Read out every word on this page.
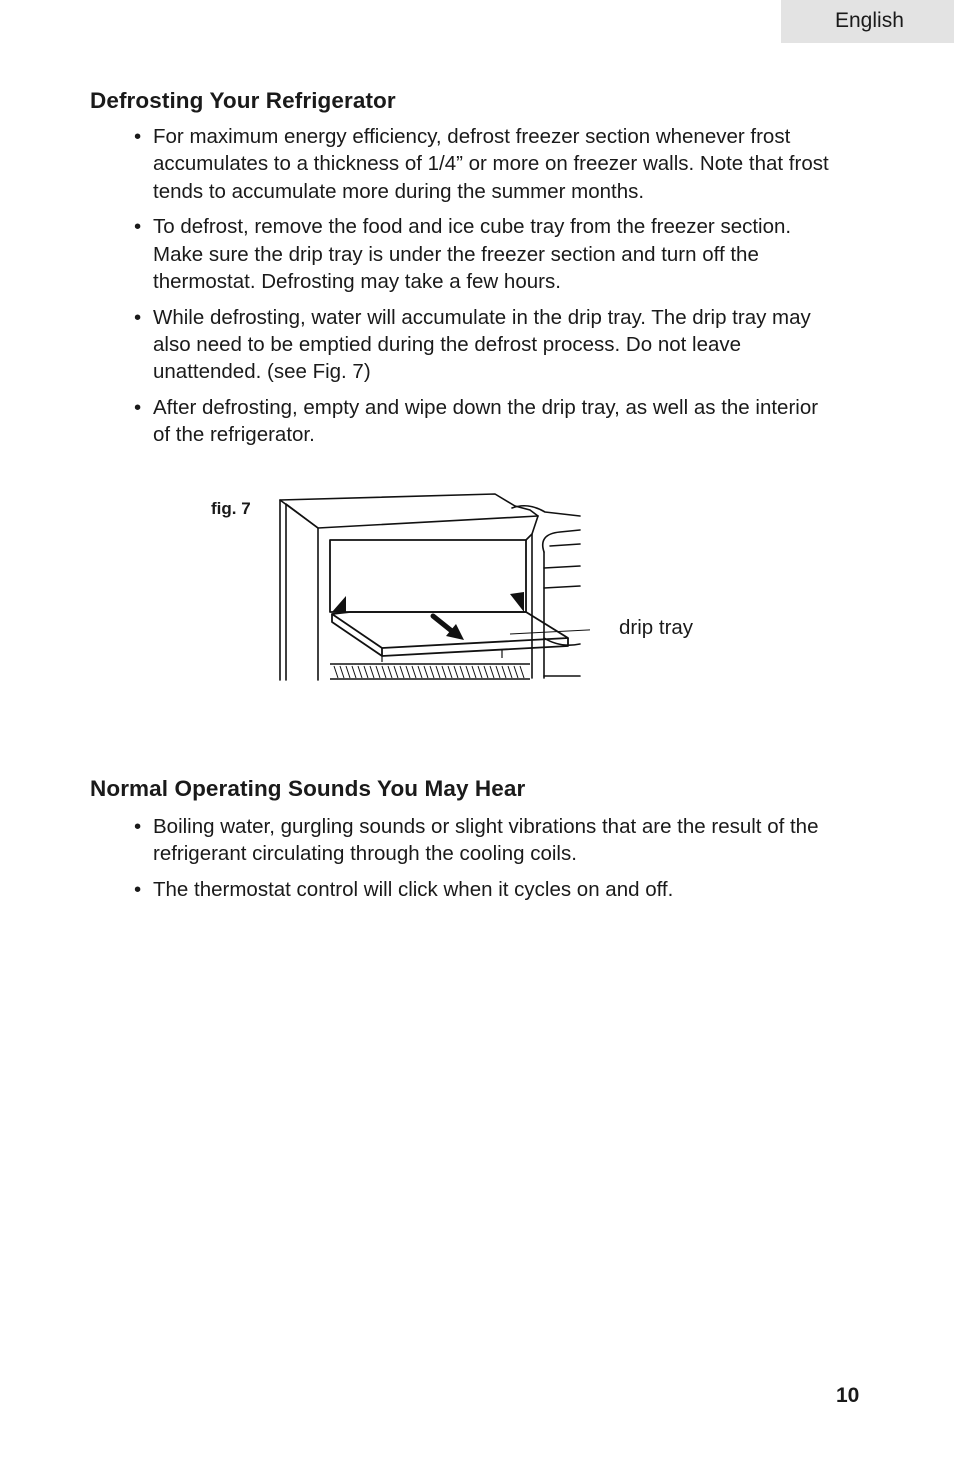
English
Defrosting Your Refrigerator
• For maximum energy efficiency, defrost freezer section whenever frost accumulates to a thickness of 1/4” or more on freezer walls. Note that frost tends to accumulate more during the summer months.
• To defrost, remove the food and ice cube tray from the freezer section. Make sure the drip tray is under the freezer section and turn off the thermostat. Defrosting may take a few hours.
• While defrosting, water will accumulate in the drip tray. The drip tray may also need to be emptied during the defrost process. Do not leave unattended. (see Fig. 7)
• After defrosting, empty and wipe down the drip tray, as well as the interior of the refrigerator.
fig. 7
drip tray
Normal Operating Sounds You May Hear
• Boiling water, gurgling sounds or slight vibrations that are the result of the refrigerant circulating through the cooling coils.
• The thermostat control will click when it cycles on and off.
10
